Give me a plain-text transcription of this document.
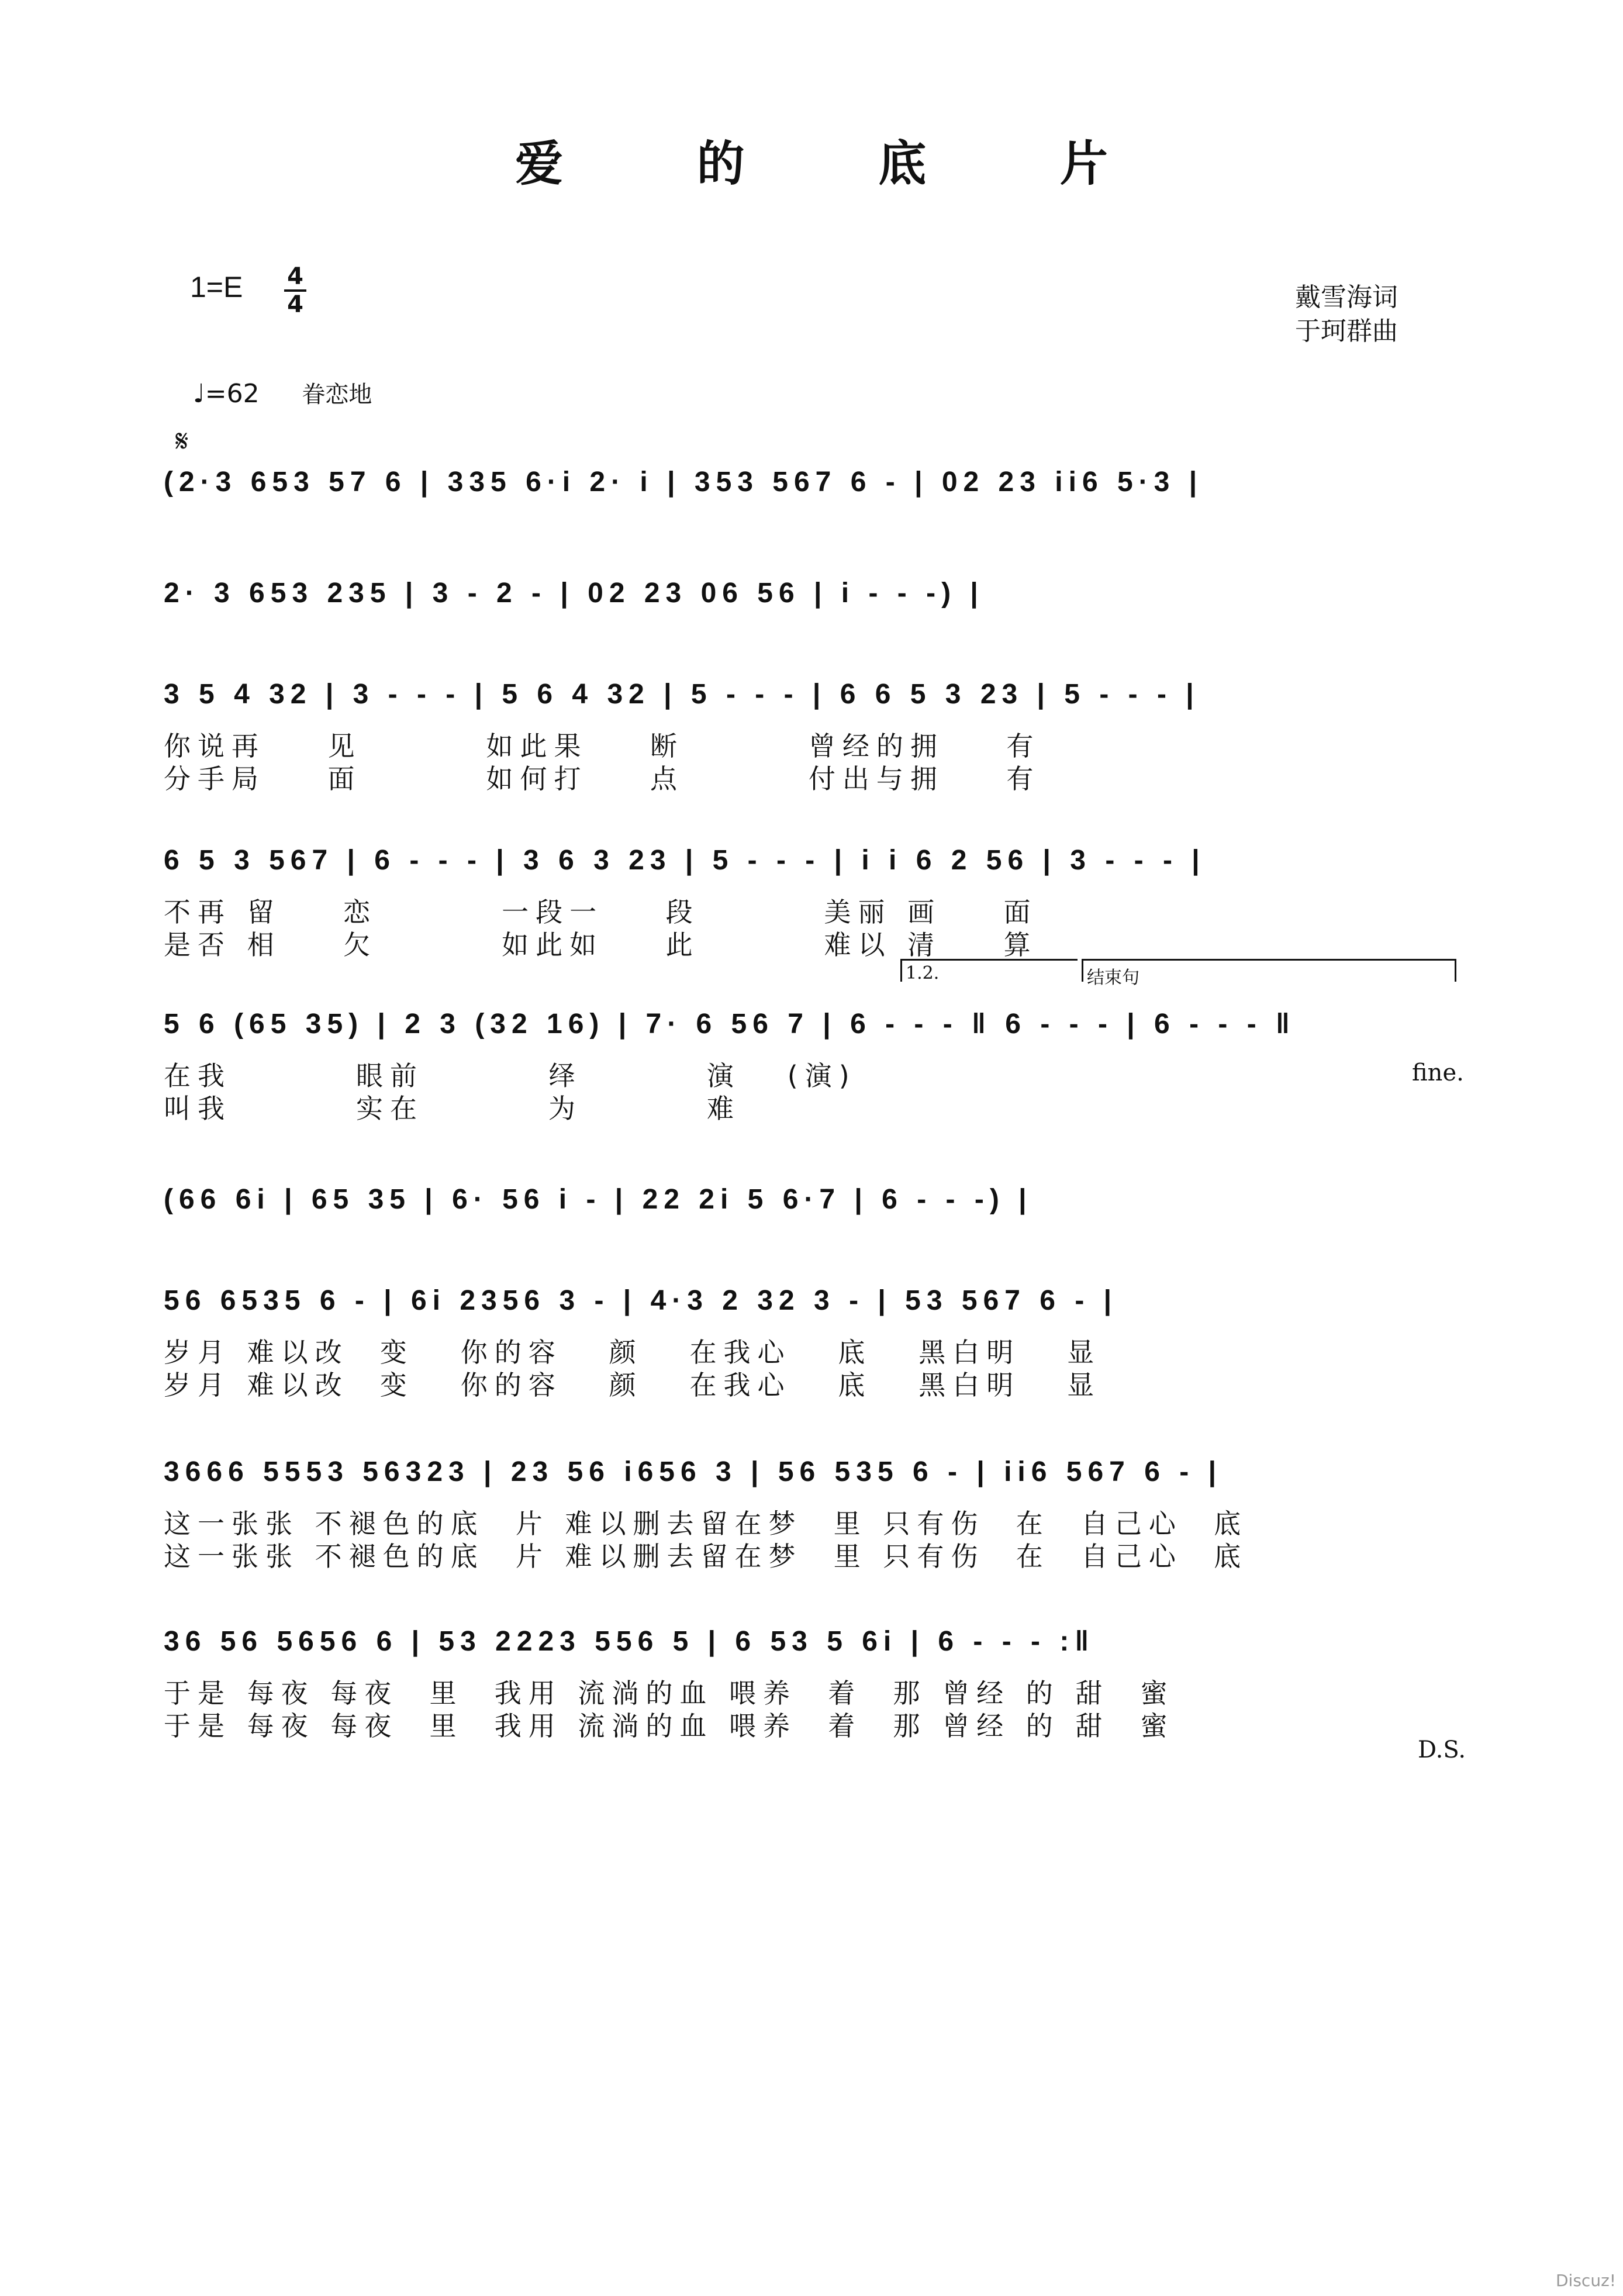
爱 的 底 片
1=E 4
4	戴雪海词
于珂群曲
♩=62 眷恋地
𝄋
(2·3 653 57 6 | 335 6·i 2· i | 353 567 6 - | 02 23 ii6 5·3 |
2· 3 653 235 | 3 - 2 - | 02 23 06 56 | i - - -) |
3 5 4 32 | 3 - - - | 5 6 4 32 | 5 - - - | 6 6 5 3 23 | 5 - - - |
你说再    见        如此果    断        曾经的拥    有
分手局    面        如何打    点        付出与拥    有
6 5 3 567 | 6 - - - | 3 6 3 23 | 5 - - - | i i 6 2 56 | 3 - - - |
不再 留    恋        一段一    段        美丽 画    面
是否 相    欠        如此如    此        难以 清    算
1.2.	结束句
5 6 (65 35) | 2 3 (32 16) | 7· 6 56 7 | 6 - - - ‖ 6 - - - | 6 - - - ‖
在我        眼前        绎        演   (演)
叫我        实在        为        难
fine.
(66 6i | 65 35 | 6· 56 i - | 22 2i 5 6·7 | 6 - - -) |
56 6535 6 - | 6i 2356 3 - | 4·3 2 32 3 - | 53 567 6 - |
岁月 难以改  变   你的容   颜   在我心   底   黑白明   显
岁月 难以改  变   你的容   颜   在我心   底   黑白明   显
3666 5553 56323 | 23 56 i656 3 | 56 535 6 - | ii6 567 6 - |
这一张张 不褪色的底  片 难以删去留在梦  里 只有伤  在  自己心  底
这一张张 不褪色的底  片 难以删去留在梦  里 只有伤  在  自己心  底
36 56 5656 6 | 53 2223 556 5 | 6 53 5 6i | 6 - - - :‖
于是 每夜 每夜  里  我用 流淌的血 喂养  着  那 曾经 的 甜  蜜
于是 每夜 每夜  里  我用 流淌的血 喂养  着  那 曾经 的 甜  蜜
D.S.
Discuz!
